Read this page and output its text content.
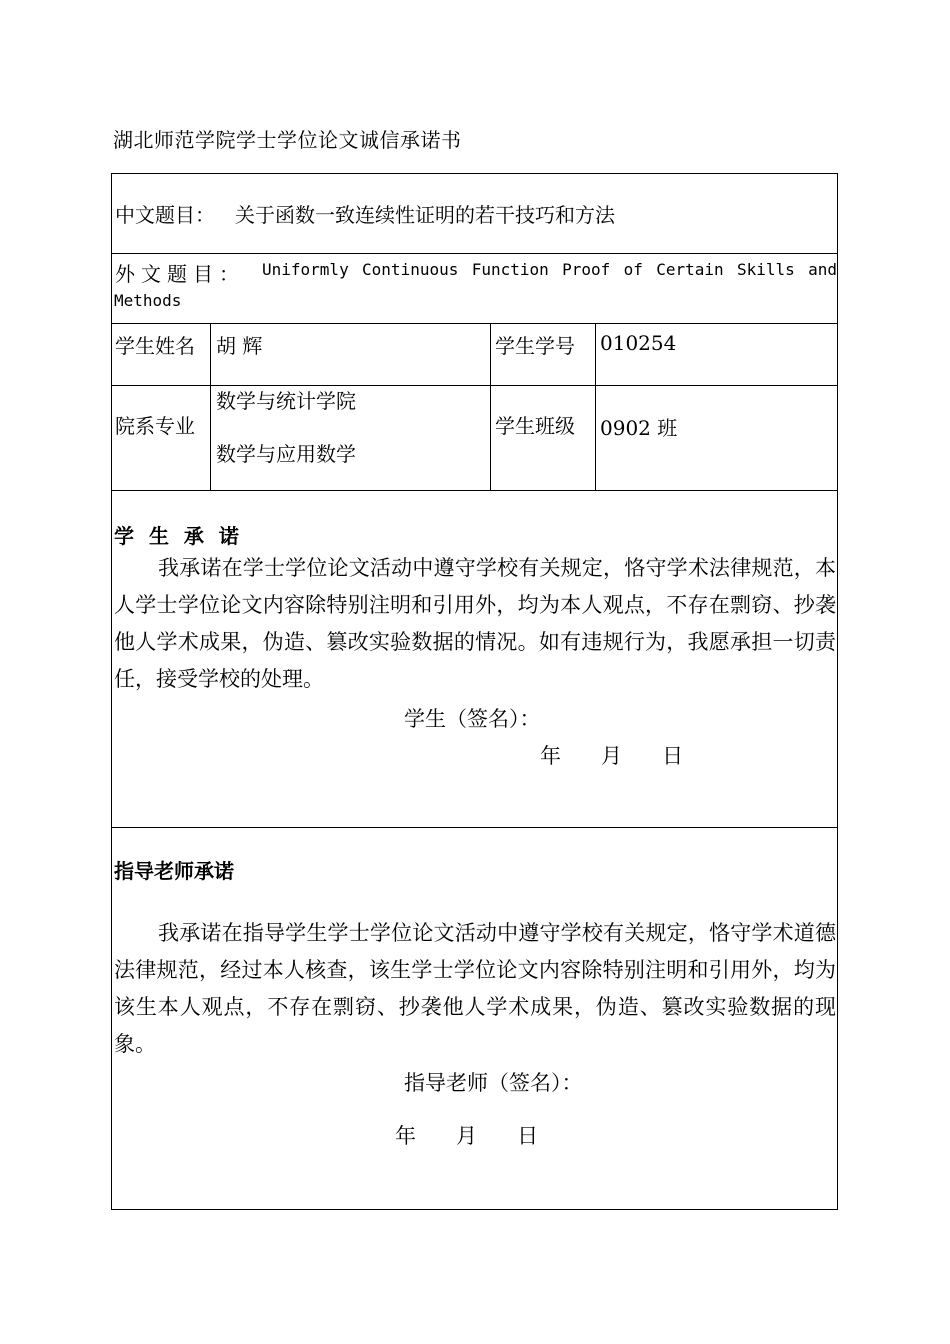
湖北师范学院学士学位论文诚信承诺书
中文题目： 关于函数一致连续性证明的若干技巧和方法
外文题目： Uniformly Continuous Function Proof of Certain Skills and
Methods
学生姓名 胡 辉	学生学号 010254
院系专业
数学与统计学院
数学与应用数学
学生班级 0902 班
学 生 承 诺
我承诺在学士学位论文活动中遵守学校有关规定，恪守学术法律规范，本人学士学位论文内容除特别注明和引用外，均为本人观点，不存在剽窃、抄袭他人学术成果，伪造、篡改实验数据的情况。如有违规行为，我愿承担一切责任，接受学校的处理。
学生（签名）：
年      月      日
指导老师承诺
我承诺在指导学生学士学位论文活动中遵守学校有关规定，恪守学术道德法律规范，经过本人核查，该生学士学位论文内容除特别注明和引用外，均为该生本人观点，不存在剽窃、抄袭他人学术成果，伪造、篡改实验数据的现象。
指导老师（签名）：
年      月      日
